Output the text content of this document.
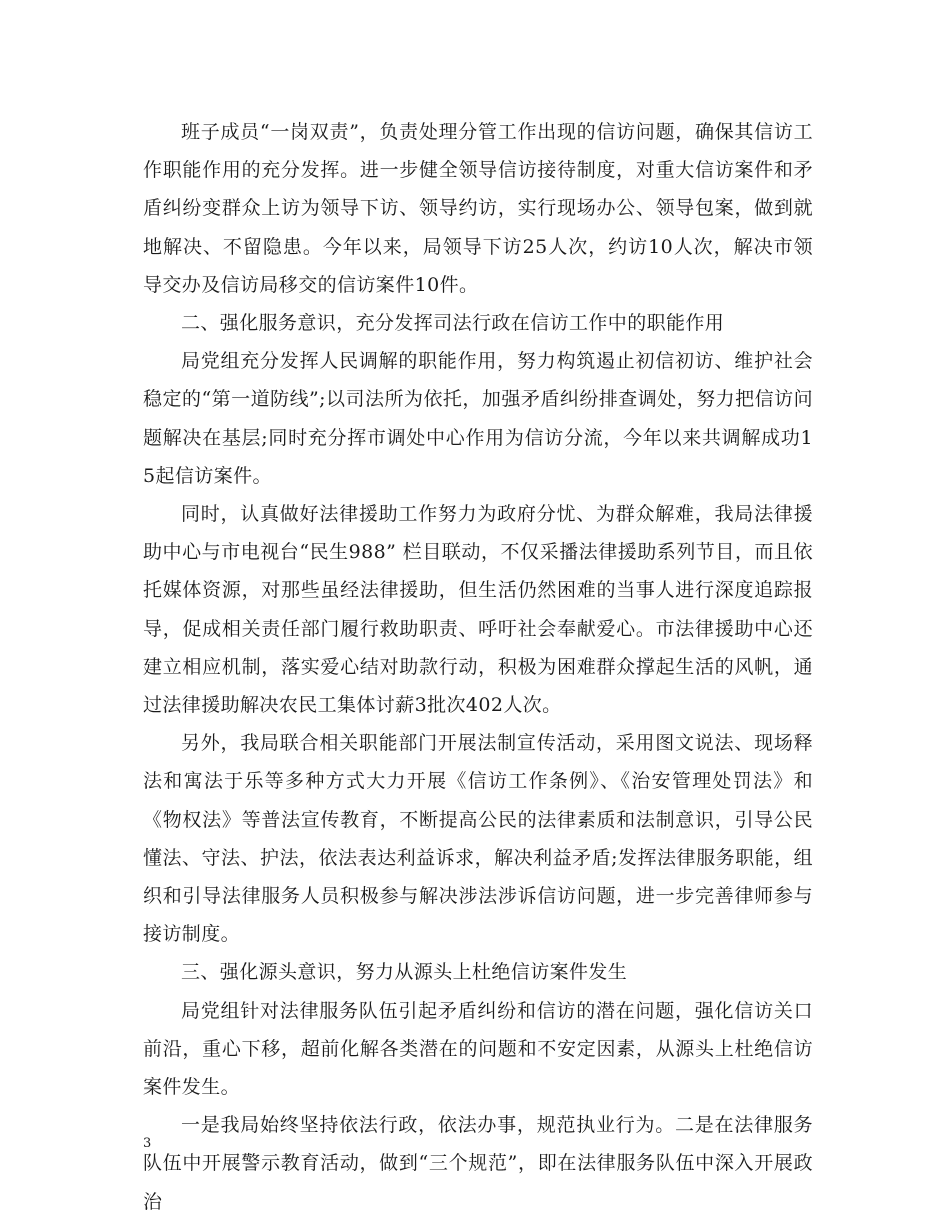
班子成员“一岗双责”，负责处理分管工作出现的信访问题，确保其信访工作职能作用的充分发挥。进一步健全领导信访接待制度，对重大信访案件和矛盾纠纷变群众上访为领导下访、领导约访，实行现场办公、领导包案，做到就地解决、不留隐患。今年以来，局领导下访25人次，约访10人次，解决市领导交办及信访局移交的信访案件10件。

二、强化服务意识，充分发挥司法行政在信访工作中的职能作用

局党组充分发挥人民调解的职能作用，努力构筑遏止初信初访、维护社会稳定的“第一道防线”;以司法所为依托，加强矛盾纠纷排查调处，努力把信访问题解决在基层;同时充分挥市调处中心作用为信访分流，今年以来共调解成功15起信访案件。

同时，认真做好法律援助工作努力为政府分忧、为群众解难，我局法律援助中心与市电视台“民生988” 栏目联动，不仅采播法律援助系列节目，而且依托媒体资源，对那些虽经法律援助，但生活仍然困难的当事人进行深度追踪报导，促成相关责任部门履行救助职责、呼吁社会奉献爱心。市法律援助中心还建立相应机制，落实爱心结对助款行动，积极为困难群众撑起生活的风帆，通过法律援助解决农民工集体讨薪3批次402人次。

另外，我局联合相关职能部门开展法制宣传活动，采用图文说法、现场释法和寓法于乐等多种方式大力开展《信访工作条例》、《治安管理处罚法》和《物权法》等普法宣传教育，不断提高公民的法律素质和法制意识，引导公民懂法、守法、护法，依法表达利益诉求，解决利益矛盾;发挥法律服务职能，组织和引导法律服务人员积极参与解决涉法涉诉信访问题，进一步完善律师参与接访制度。

三、强化源头意识，努力从源头上杜绝信访案件发生

局党组针对法律服务队伍引起矛盾纠纷和信访的潜在问题，强化信访关口前沿，重心下移，超前化解各类潜在的问题和不安定因素，从源头上杜绝信访案件发生。

一是我局始终坚持依法行政，依法办事，规范执业行为。二是在法律服务队伍中开展警示教育活动，做到“三个规范”，即在法律服务队伍中深入开展政治

3
